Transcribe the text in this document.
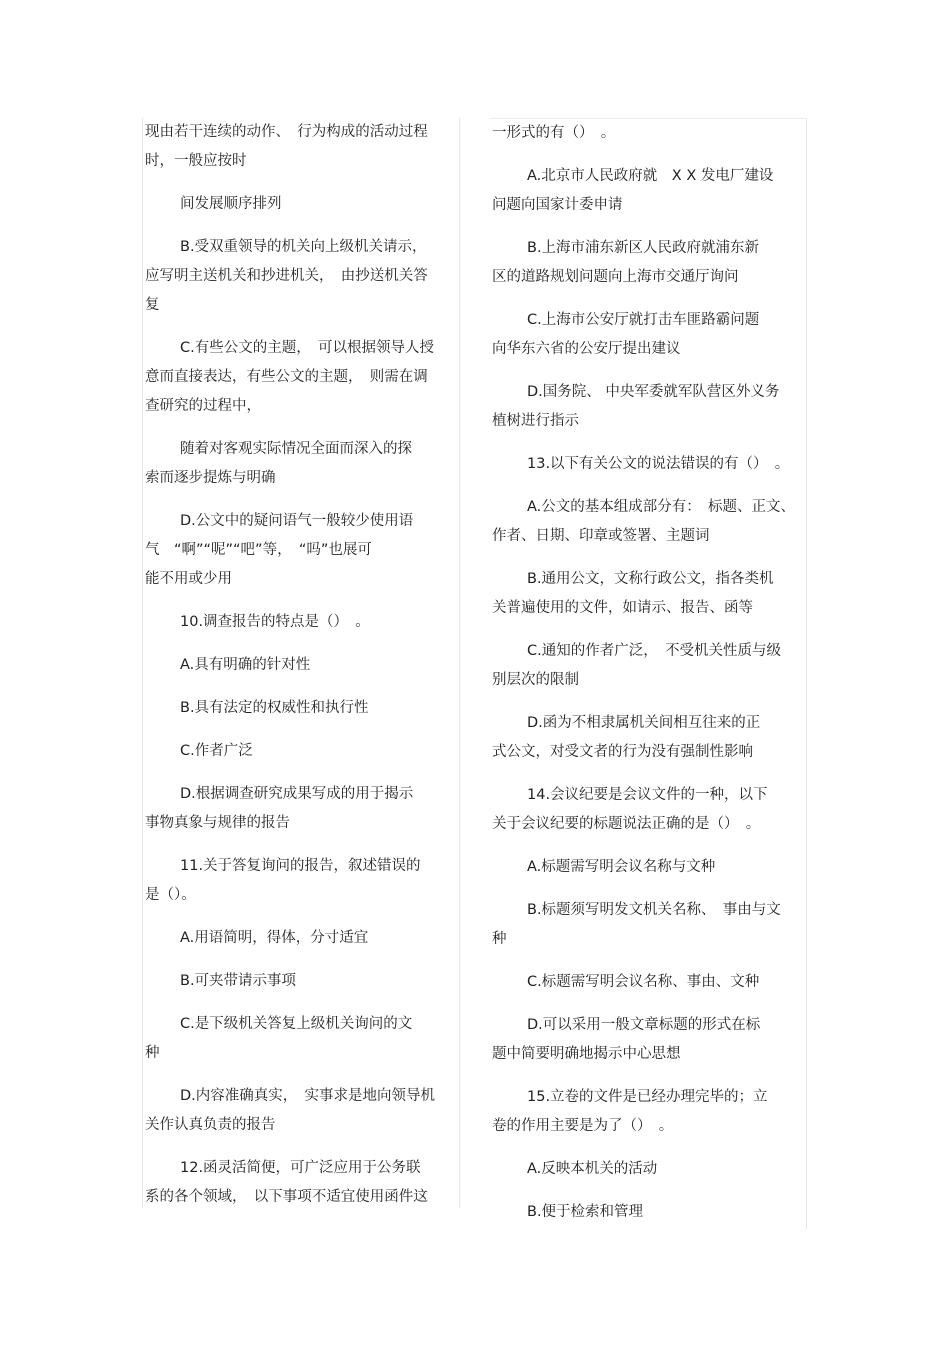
现由若干连续的动作、　行为构成的活动过程
时，一般应按时
间发展顺序排列
B.受双重领导的机关向上级机关请示，
应写明主送机关和抄进机关，　由抄送机关答
复
C.有些公文的主题，　可以根据领导人授
意而直接表达，有些公文的主题，　则需在调
查研究的过程中，
随着对客观实际情况全面而深入的探
索而逐步提炼与明确
D.公文中的疑问语气一般较少使用语
气　“啊”“呢”“吧”等，　“吗”也展可
能不用或少用
10.调查报告的特点是（）　。
A.具有明确的针对性
B.具有法定的权威性和执行性
C.作者广泛
D.根据调查研究成果写成的用于揭示
事物真象与规律的报告
11.关于答复询问的报告，叙述错误的
是（）。
A.用语简明，得体，分寸适宜
B.可夹带请示事项
C.是下级机关答复上级机关询问的文
种
D.内容准确真实，　实事求是地向领导机
关作认真负责的报告
12.函灵活简便，可广泛应用于公务联
系的各个领域，　以下事项不适宜使用函件这
一形式的有（）　。
A.北京市人民政府就　X X 发电厂建设
问题向国家计委申请
B.上海市浦东新区人民政府就浦东新
区的道路规划问题向上海市交通厅询问
C.上海市公安厅就打击车匪路霸问题
向华东六省的公安厅提出建议
D.国务院、 中央军委就军队营区外义务
植树进行指示
13.以下有关公文的说法错误的有（）　。
A.公文的基本组成部分有：　标题、正文、
作者、日期、印章或签署、主题词
B.通用公文，文称行政公文，指各类机
关普遍使用的文件，如请示、报告、函等
C.通知的作者广泛，　不受机关性质与级
别层次的限制
D.函为不相隶属机关间相互往来的正
式公文，对受文者的行为没有强制性影响
14.会议纪要是会议文件的一种，以下
关于会议纪要的标题说法正确的是（）　。
A.标题需写明会议名称与文种
B.标题须写明发文机关名称、　事由与文
种
C.标题需写明会议名称、事由、文种
D.可以采用一般文章标题的形式在标
题中简要明确地揭示中心思想
15.立卷的文件是已经办理完毕的；立
卷的作用主要是为了（）　。
A.反映本机关的活动
B.便于检索和管理
